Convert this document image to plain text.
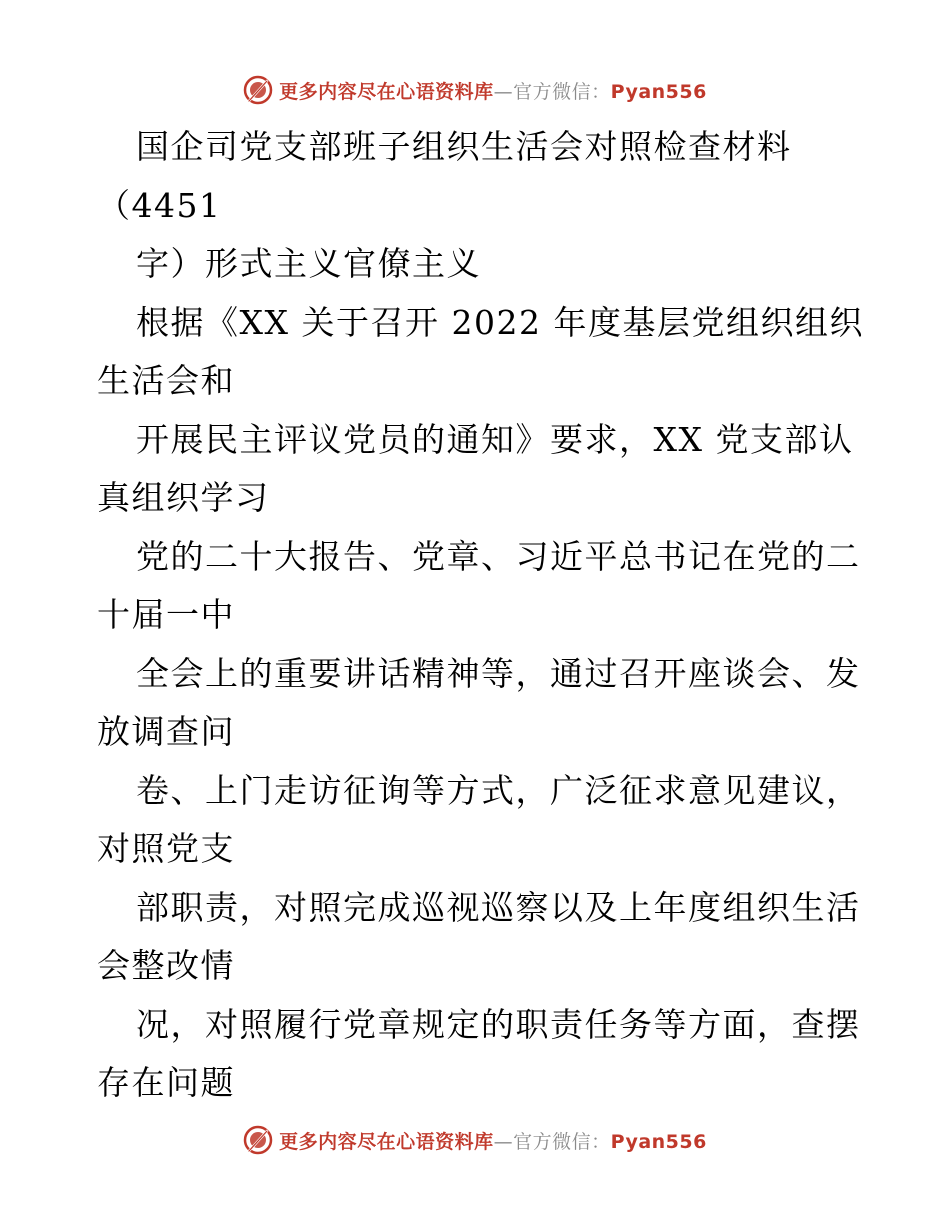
更多内容尽在心语资料库—官方微信：Pyan556
国企司党支部班子组织生活会对照检查材料
（4451
字）形式主义官僚主义
根据《XX 关于召开 2022 年度基层党组织组织
生活会和
开展民主评议党员的通知》要求，XX 党支部认
真组织学习
党的二十大报告、党章、习近平总书记在党的二
十届一中
全会上的重要讲话精神等，通过召开座谈会、发
放调查问
卷、上门走访征询等方式，广泛征求意见建议，
对照党支
部职责，对照完成巡视巡察以及上年度组织生活
会整改情
况，对照履行党章规定的职责任务等方面，查摆
存在问题
更多内容尽在心语资料库—官方微信：Pyan556
